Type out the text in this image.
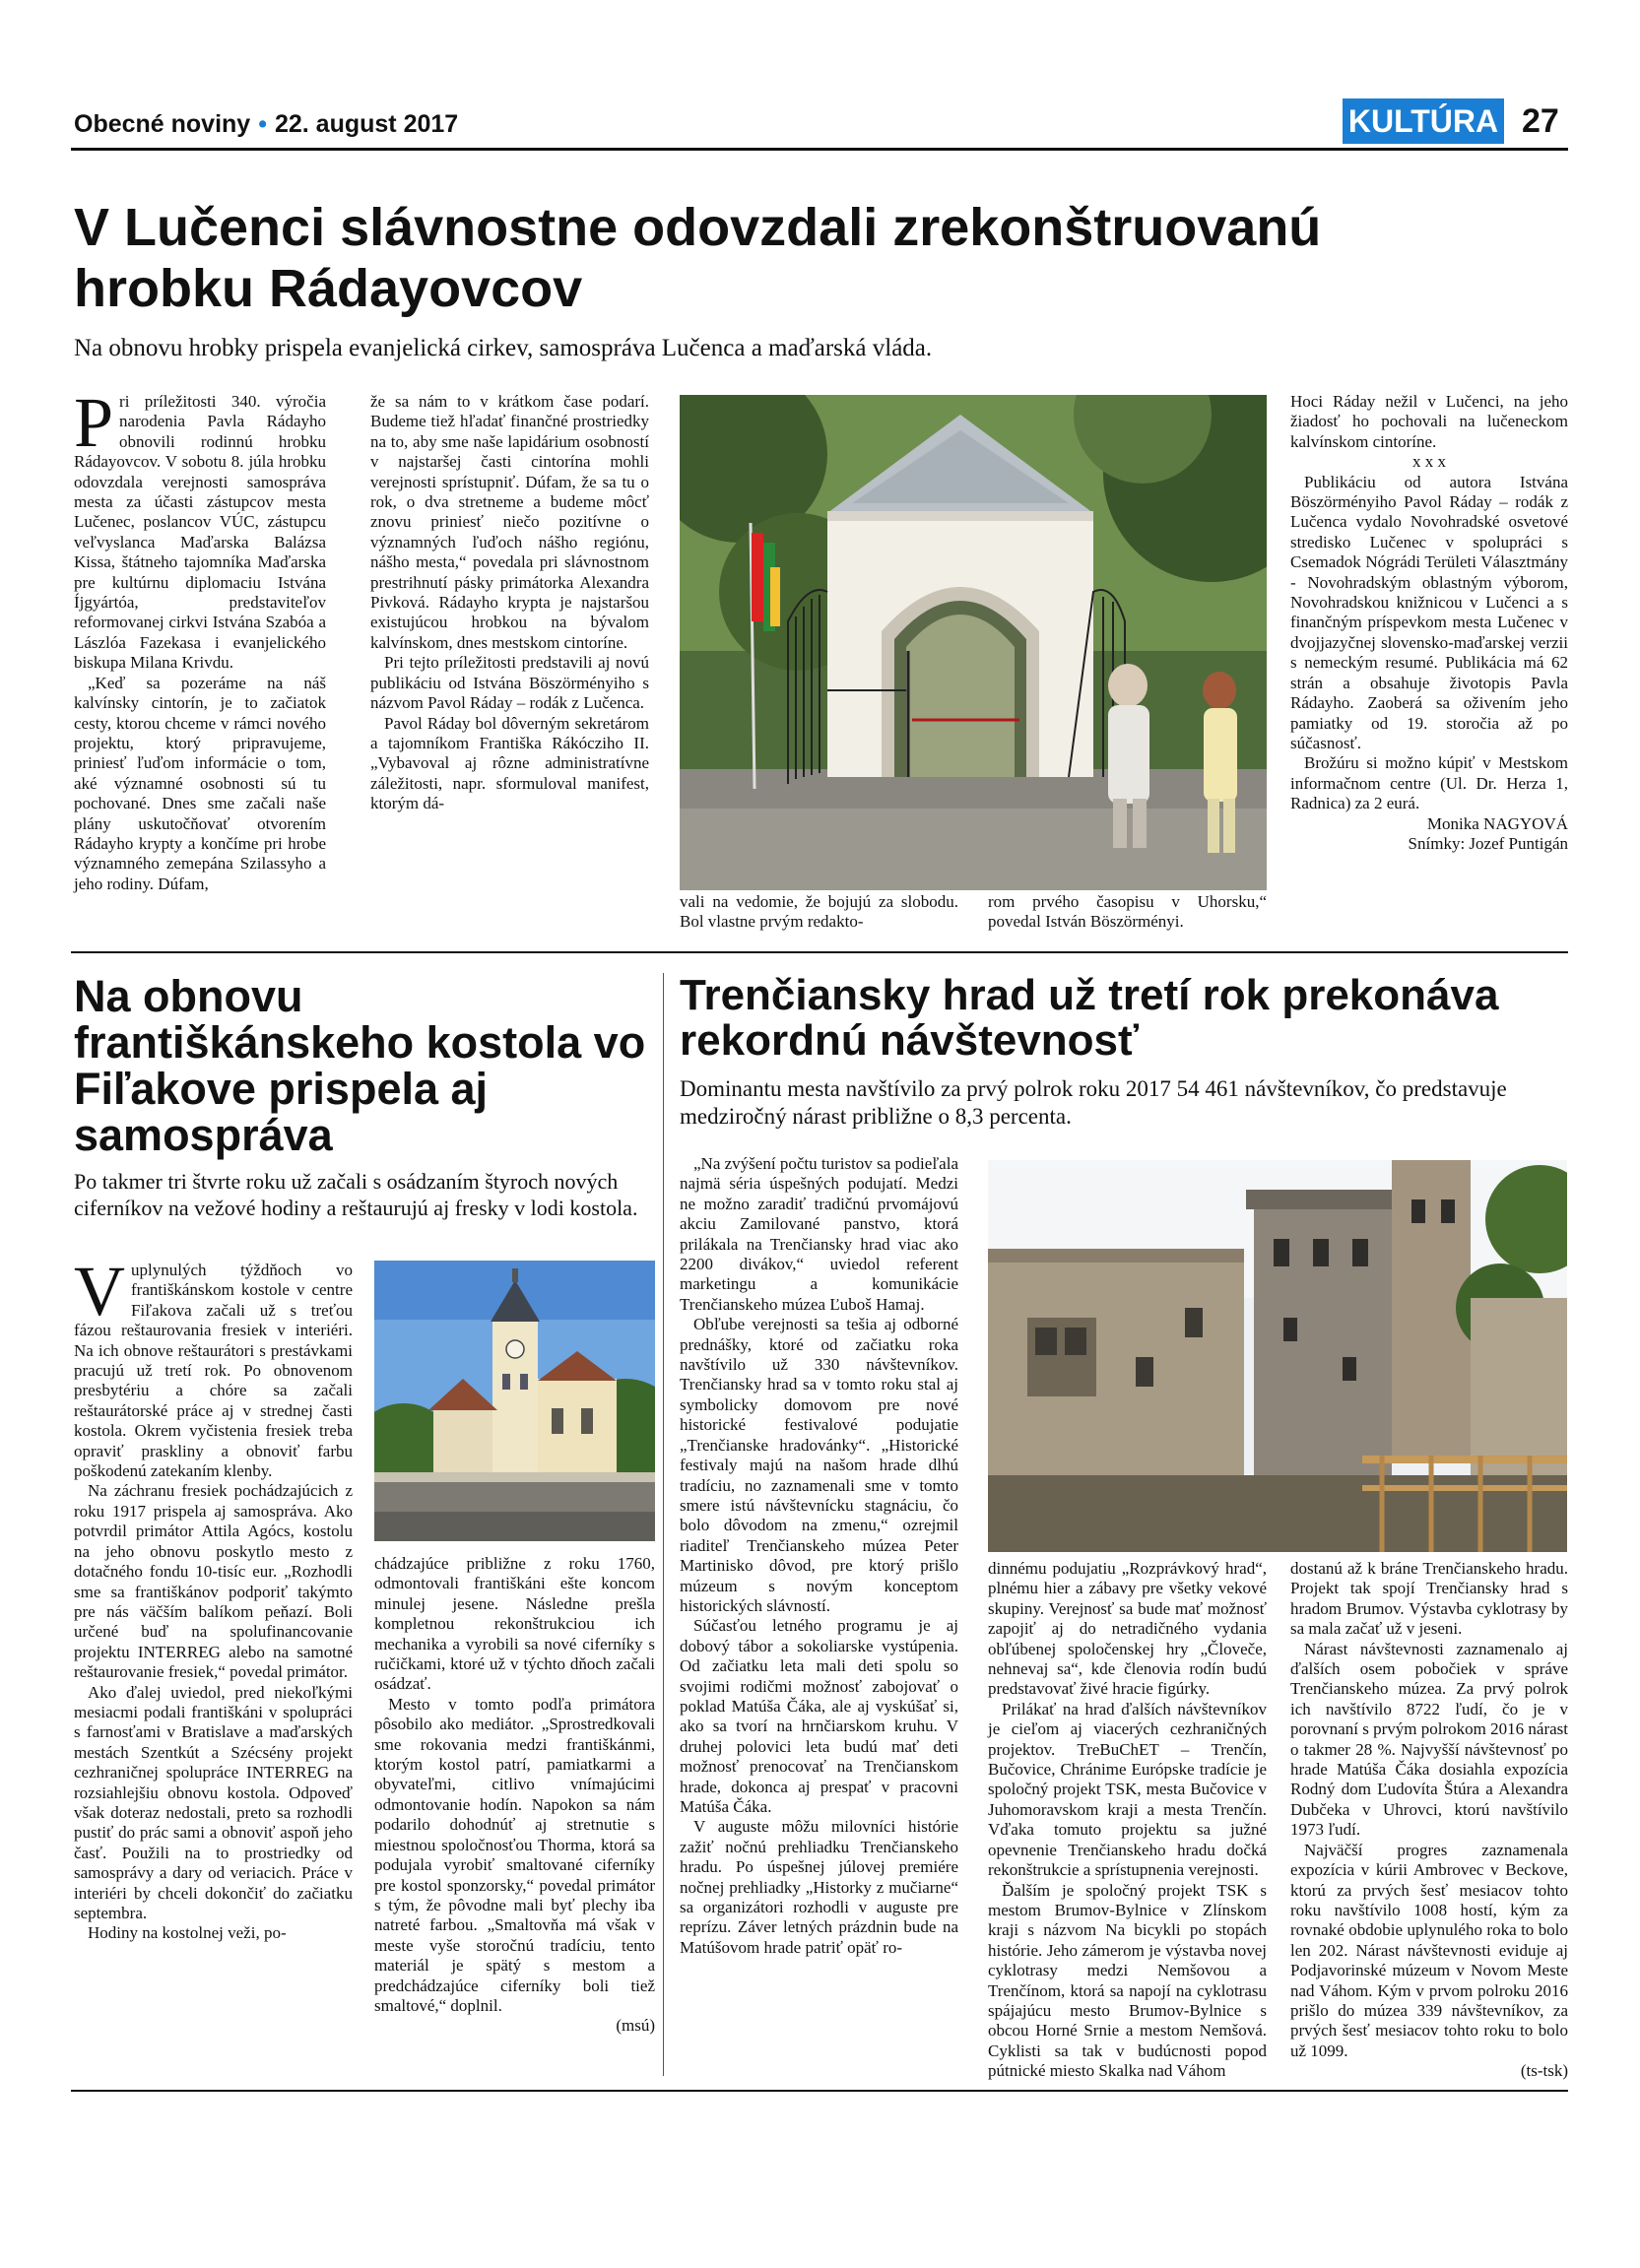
Obecné noviny • 22. august 2017	KULTÚRA 27
V Lučenci slávnostne odovzdali zrekonštruovanú hrobku Rádayovcov
Na obnovu hrobky prispela evanjelická cirkev, samospráva Lučenca a maďarská vláda.

Pri príležitosti 340. výročia narodenia Pavla Rádayho obnovili rodinnú hrobku Rádayovcov. V sobotu 8. júla hrobku odovzdala verejnosti samospráva mesta za účasti zástupcov mesta Lučenec, poslancov VÚC, zástupcu veľvyslanca Maďarska Balázsa Kissa, štátneho tajomníka Maďarska pre kultúrnu diplomaciu Istvána Íjgyártóa, predstaviteľov reformovanej cirkvi Istvána Szabóa a Lászlóa Fazekasa i evanjelického biskupa Milana Krivdu.

„Keď sa pozeráme na náš kalvínsky cintorín, je to začiatok cesty, ktorou chceme v rámci nového projektu, ktorý pripravujeme, priniesť ľuďom informácie o tom, aké významné osobnosti sú tu pochované. Dnes sme začali naše plány uskutočňovať otvorením Rádayho krypty a končíme pri hrobe významného zemepána Szilassyho a jeho rodiny. Dúfam,

že sa nám to v krátkom čase podarí. Budeme tiež hľadať finančné prostriedky na to, aby sme naše lapidárium osobností v najstaršej časti cintorína mohli verejnosti sprístupniť. Dúfam, že sa tu o rok, o dva stretneme a budeme môcť znovu priniesť niečo pozitívne o významných ľuďoch nášho regiónu, nášho mesta,“ povedala pri slávnostnom prestrihnutí pásky primátorka Alexandra Pivková. Rádayho krypta je najstaršou existujúcou hrobkou na bývalom kalvínskom, dnes mestskom cintoríne.

Pri tejto príležitosti predstavili aj novú publikáciu od Istvána Böszörményiho s názvom Pavol Ráday – rodák z Lučenca.

Pavol Ráday bol dôverným sekretárom a tajomníkom Františka Rákócziho II. „Vybavoval aj rôzne administratívne záležitosti, napr. sformuloval manifest, ktorým dá-

vali na vedomie, že bojujú za slobodu. Bol vlastne prvým redakto-

rom prvého časopisu v Uhorsku,“ povedal István Böszörményi.

Hoci Ráday nežil v Lučenci, na jeho žiadosť ho pochovali na lučeneckom kalvínskom cintoríne.

x x x

Publikáciu od autora Istvána Böszörményiho Pavol Ráday – rodák z Lučenca vydalo Novohradské osvetové stredisko Lučenec v spolupráci s Csemadok Nógrádi Területi Választmány - Novohradským oblastným výborom, Novohradskou knižnicou v Lučenci a s finančným príspevkom mesta Lučenec v dvojjazyčnej slovensko-maďarskej verzii s nemeckým resumé. Publikácia má 62 strán a obsahuje životopis Pavla Rádayho. Zaoberá sa oživením jeho pamiatky od 19. storočia až po súčasnosť.

Brožúru si možno kúpiť v Mestskom informačnom centre (Ul. Dr. Herza 1, Radnica) za 2 eurá.

Monika NAGYOVÁ

Snímky: Jozef Puntigán

Na obnovu františkánskeho kostola vo Fiľakove prispela aj samospráva
Po takmer tri štvrte roku už začali s osádzaním štyroch nových ciferníkov na vežové hodiny a reštaurujú aj fresky v lodi kostola.

Vuplynulých týždňoch vo františkánskom kostole v centre Fiľakova začali už s treťou fázou reštaurovania fresiek v interiéri. Na ich obnove reštaurátori s prestávkami pracujú už tretí rok. Po obnovenom presbytériu a chóre sa začali reštaurátorské práce aj v strednej časti kostola. Okrem vyčistenia fresiek treba opraviť praskliny a obnoviť farbu poškodenú zatekaním klenby.

Na záchranu fresiek pochádzajúcich z roku 1917 prispela aj samospráva. Ako potvrdil primátor Attila Agócs, kostolu na jeho obnovu poskytlo mesto z dotačného fondu 10-tisíc eur. „Rozhodli sme sa františkánov podporiť takýmto pre nás väčším balíkom peňazí. Boli určené buď na spolufinancovanie projektu INTERREG alebo na samotné reštaurovanie fresiek,“ povedal primátor.

Ako ďalej uviedol, pred niekoľkými mesiacmi podali františkáni v spolupráci s farnosťami v Bratislave a maďarských mestách Szentkút a Szécsény projekt cezhraničnej spolupráce INTERREG na rozsiahlejšiu obnovu kostola. Odpoveď však doteraz nedostali, preto sa rozhodli pustiť do prác sami a obnoviť aspoň jeho časť. Použili na to prostriedky od samosprávy a dary od veriacich. Práce v interiéri by chceli dokončiť do začiatku septembra.

Hodiny na kostolnej veži, po-

chádzajúce približne z roku 1760, odmontovali františkáni ešte koncom minulej jesene. Následne prešla kompletnou rekonštrukciou ich mechanika a vyrobili sa nové ciferníky s ručičkami, ktoré už v týchto dňoch začali osádzať.

Mesto v tomto podľa primátora pôsobilo ako mediátor. „Sprostredkovali sme rokovania medzi františkánmi, ktorým kostol patrí, pamiatkarmi a obyvateľmi, citlivo vnímajúcimi odmontovanie hodín. Napokon sa nám podarilo dohodnúť aj stretnutie s miestnou spoločnosťou Thorma, ktorá sa podujala vyrobiť smaltované ciferníky pre kostol sponzorsky,“ povedal primátor s tým, že pôvodne mali byť plechy iba natreté farbou. „Smaltovňa má však v meste vyše storočnú tradíciu, tento materiál je spätý s mestom a predchádzajúce ciferníky boli tiež smaltové,“ doplnil.

(msú)

Trenčiansky hrad už tretí rok prekonáva rekordnú návštevnosť
Dominantu mesta navštívilo za prvý polrok roku 2017 54 461 návštevníkov, čo predstavuje medziročný nárast približne o 8,3 percenta.

„Na zvýšení počtu turistov sa podieľala najmä séria úspešných podujatí. Medzi ne možno zaradiť tradičnú prvomájovú akciu Zamilované panstvo, ktorá prilákala na Trenčiansky hrad viac ako 2200 divákov,“ uviedol referent marketingu a komunikácie Trenčianskeho múzea Ľuboš Hamaj.

Obľube verejnosti sa tešia aj odborné prednášky, ktoré od začiatku roka navštívilo už 330 návštevníkov. Trenčiansky hrad sa v tomto roku stal aj symbolicky domovom pre nové historické festivalové podujatie „Trenčianske hradovánky“. „Historické festivaly majú na našom hrade dlhú tradíciu, no zaznamenali sme v tomto smere istú návštevnícku stagnáciu, čo bolo dôvodom na zmenu,“ ozrejmil riaditeľ Trenčianskeho múzea Peter Martinisko dôvod, pre ktorý prišlo múzeum s novým konceptom historických slávností.

Súčasťou letného programu je aj dobový tábor a sokoliarske vystúpenia. Od začiatku leta mali deti spolu so svojimi rodičmi možnosť zabojovať o poklad Matúša Čáka, ale aj vyskúšať si, ako sa tvorí na hrnčiarskom kruhu. V druhej polovici leta budú mať deti možnosť prenocovať na Trenčianskom hrade, dokonca aj prespať v pracovni Matúša Čáka.

V auguste môžu milovníci histórie zažiť nočnú prehliadku Trenčianskeho hradu. Po úspešnej júlovej premiére nočnej prehliadky „Historky z mučiarne“ sa organizátori rozhodli v auguste pre reprízu. Záver letných prázdnin bude na Matúšovom hrade patriť opäť ro-

dinnému podujatiu „Rozprávkový hrad“, plnému hier a zábavy pre všetky vekové skupiny. Verejnosť sa bude mať možnosť zapojiť aj do netradičného vydania obľúbenej spoločenskej hry „Človeče, nehnevaj sa“, kde členovia rodín budú predstavovať živé hracie figúrky.

Prilákať na hrad ďalších návštevníkov je cieľom aj viacerých cezhraničných projektov. TreBuChET – Trenčín, Bučovice, Chránime Európske tradície je spoločný projekt TSK, mesta Bučovice v Juhomoravskom kraji a mesta Trenčín. Vďaka tomuto projektu sa južné opevnenie Trenčianskeho hradu dočká rekonštrukcie a sprístupnenia verejnosti.

Ďalším je spoločný projekt TSK s mestom Brumov-Bylnice v Zlínskom kraji s názvom Na bicykli po stopách histórie. Jeho zámerom je výstavba novej cyklotrasy medzi Nemšovou a Trenčínom, ktorá sa napojí na cyklotrasu spájajúcu mesto Brumov-Bylnice s obcou Horné Srnie a mestom Nemšová. Cyklisti sa tak v budúcnosti popod pútnické miesto Skalka nad Váhom

dostanú až k bráne Trenčianskeho hradu. Projekt tak spojí Trenčiansky hrad s hradom Brumov. Výstavba cyklotrasy by sa mala začať už v jeseni.

Nárast návštevnosti zaznamenalo aj ďalších osem pobočiek v správe Trenčianskeho múzea. Za prvý polrok ich navštívilo 8722 ľudí, čo je v porovnaní s prvým polrokom 2016 nárast o takmer 28 %. Najvyšší návštevnosť po hrade Matúša Čáka dosiahla expozícia Rodný dom Ľudovíta Štúra a Alexandra Dubčeka v Uhrovci, ktorú navštívilo 1973 ľudí.

Najväčší progres zaznamenala expozícia v kúrii Ambrovec v Beckove, ktorú za prvých šesť mesiacov tohto roku navštívilo 1008 hostí, kým za rovnaké obdobie uplynulého roka to bolo len 202. Nárast návštevnosti eviduje aj Podjavorinské múzeum v Novom Meste nad Váhom. Kým v prvom polroku 2016 prišlo do múzea 339 návštevníkov, za prvých šesť mesiacov tohto roku to bolo už 1099.

(ts-tsk)
